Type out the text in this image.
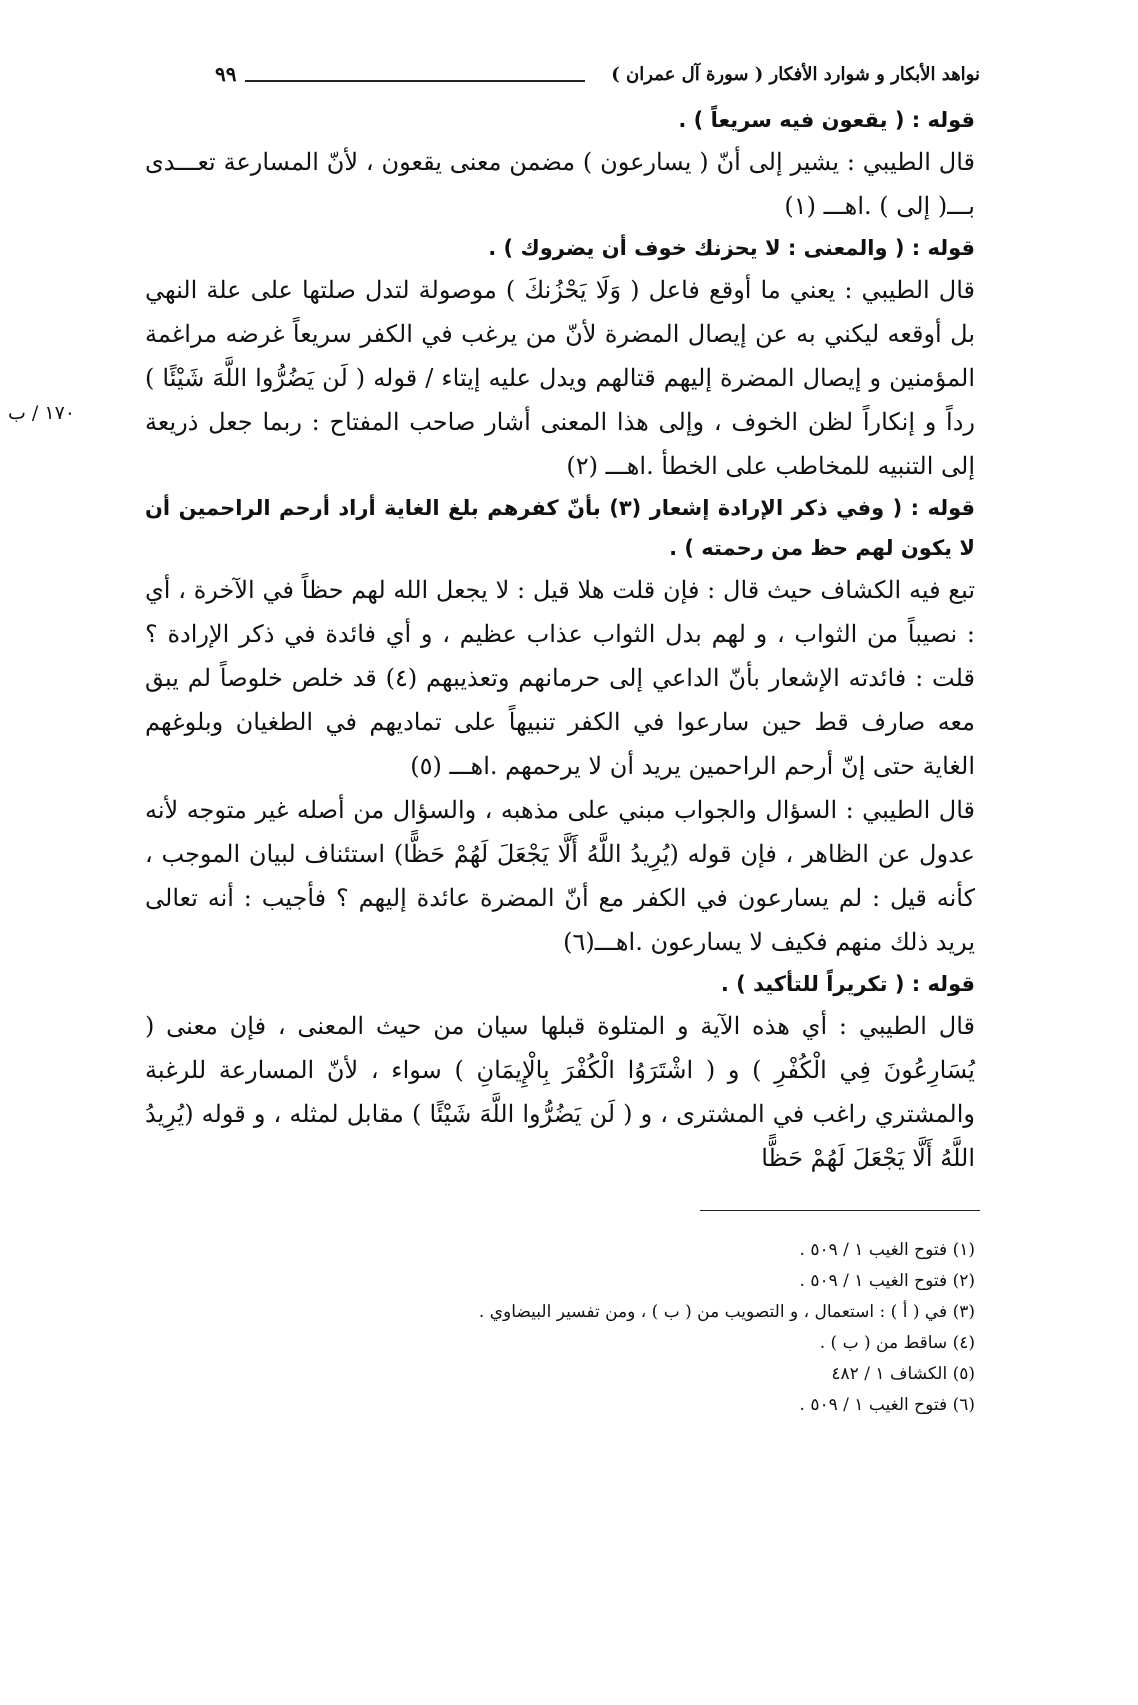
نواهد الأبكار و شوارد الأفكار ( سورة آل عمران )
٩٩
١٧٠ / ب

قوله : ( يقعون فيه سريعاً ) .

قال الطيبي : يشير إلى أنّ ( يسارعون ) مضمن معنى يقعون ، لأنّ المسارعة تعـــدى بـــ( إلى ) .اهـــ (١)

قوله : ( والمعنى : لا يحزنك خوف أن يضروك ) .

قال الطيبي : يعني ما أوقع فاعل ( وَلَا يَحْزُنكَ ) موصولة لتدل صلتها على علة النهي بل أوقعه ليكني به عن إيصال المضرة لأنّ من يرغب في الكفر سريعاً غرضه مراغمة المؤمنين و إيصال المضرة إليهم قتالهم ويدل عليه إيتاء / قوله ( لَن يَضُرُّوا اللَّهَ شَيْئًا ) رداً و إنكاراً لظن الخوف ، وإلى هذا المعنى أشار صاحب المفتاح : ربما جعل ذريعة إلى التنبيه للمخاطب على الخطأ .اهـــ (٢)

قوله : ( وفي ذكر الإرادة إشعار (٣) بأنّ كفرهم بلغ الغاية أراد أرحم الراحمين أن لا يكون لهم حظ من رحمته ) .

تبع فيه الكشاف حيث قال : فإن قلت هلا قيل : لا يجعل الله لهم حظاً في الآخرة ، أي : نصيباً من الثواب ، و لهم بدل الثواب عذاب عظيم ، و أي فائدة في ذكر الإرادة ؟ قلت : فائدته الإشعار بأنّ الداعي إلى حرمانهم وتعذيبهم (٤) قد خلص خلوصاً لم يبق معه صارف قط حين سارعوا في الكفر تنبيهاً على تماديهم في الطغيان وبلوغهم الغاية حتى إنّ أرحم الراحمين يريد أن لا يرحمهم .اهـــ (٥)

قال الطيبي : السؤال والجواب مبني على مذهبه ، والسؤال من أصله غير متوجه لأنه عدول عن الظاهر ، فإن قوله (يُرِيدُ اللَّهُ أَلَّا يَجْعَلَ لَهُمْ حَظًّا) استئناف لبيان الموجب ، كأنه قيل : لم يسارعون في الكفر مع أنّ المضرة عائدة إليهم ؟ فأجيب : أنه تعالى يريد ذلك منهم فكيف لا يسارعون .اهـــ(٦)

قوله : ( تكريراً للتأكيد ) .

قال الطيبي : أي هذه الآية و المتلوة قبلها سيان من حيث المعنى ، فإن معنى ( يُسَارِعُونَ فِي الْكُفْرِ ) و ( اشْتَرَوُا الْكُفْرَ بِالْإِيمَانِ ) سواء ، لأنّ المسارعة للرغبة والمشتري راغب في المشترى ، و ( لَن يَضُرُّوا اللَّهَ شَيْئًا ) مقابل لمثله ، و قوله (يُرِيدُ اللَّهُ أَلَّا يَجْعَلَ لَهُمْ حَظًّا

(١) فتوح الغيب ١ / ٥٠٩ .
(٢) فتوح الغيب ١ / ٥٠٩ .
(٣) في ( أ ) : استعمال ، و التصويب من ( ب ) ، ومن تفسير البيضاوي .
(٤) ساقط من ( ب ) .
(٥) الكشاف ١ / ٤٨٢
(٦) فتوح الغيب ١ / ٥٠٩ .
